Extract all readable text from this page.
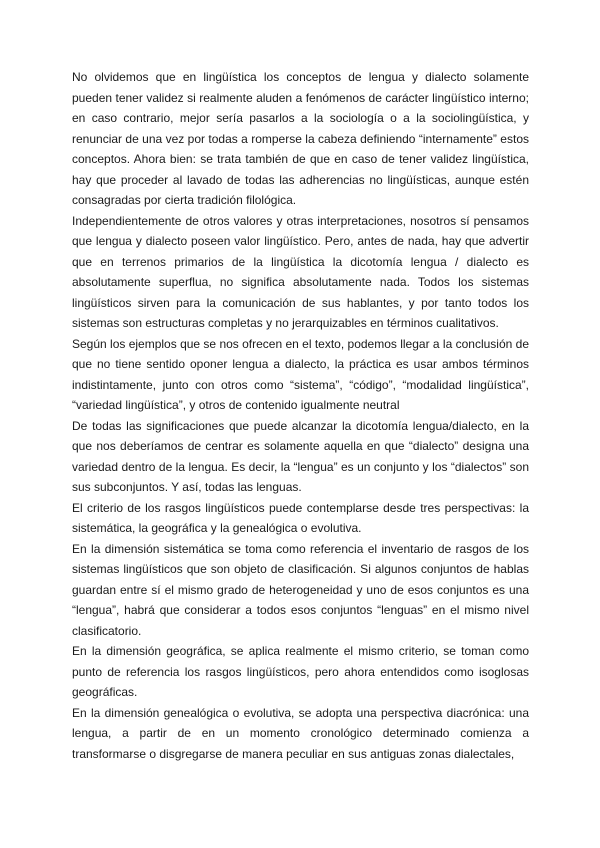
No olvidemos que en lingüística los conceptos de lengua y dialecto solamente pueden tener validez si realmente aluden a fenómenos de carácter lingüístico interno; en caso contrario, mejor sería pasarlos a la sociología o a la sociolingüística, y renunciar de una vez por todas a romperse la cabeza definiendo “internamente” estos conceptos. Ahora bien: se trata también de que en caso de tener validez lingüística, hay que proceder al lavado de todas las adherencias no lingüísticas, aunque estén consagradas por cierta tradición filológica.

Independientemente de otros valores y otras interpretaciones, nosotros sí pensamos que lengua y dialecto poseen valor lingüístico. Pero, antes de nada, hay que advertir que en terrenos primarios de la lingüística la dicotomía lengua / dialecto es absolutamente superflua, no significa absolutamente nada. Todos los sistemas lingüísticos sirven para la comunicación de sus hablantes, y por tanto todos los sistemas son estructuras completas y no jerarquizables en términos cualitativos.

Según los ejemplos que se nos ofrecen en el texto, podemos llegar a la conclusión de que no tiene sentido oponer lengua a dialecto, la práctica es usar ambos términos indistintamente, junto con otros como “sistema”, “código”, “modalidad lingüística”, “variedad lingüística”, y otros de contenido igualmente neutral

De todas las significaciones que puede alcanzar la dicotomía lengua/dialecto, en la que nos deberíamos de centrar es solamente aquella en que “dialecto” designa una variedad dentro de la lengua. Es decir, la “lengua” es un conjunto y los “dialectos” son sus subconjuntos. Y así, todas las lenguas.

El criterio de los rasgos lingüísticos puede contemplarse desde tres perspectivas: la sistemática, la geográfica y la genealógica o evolutiva.

En la dimensión sistemática se toma como referencia el inventario de rasgos de los sistemas lingüísticos que son objeto de clasificación. Si algunos conjuntos de hablas guardan entre sí el mismo grado de heterogeneidad y uno de esos conjuntos es una “lengua”, habrá que considerar a todos esos conjuntos “lenguas” en el mismo nivel clasificatorio.

En la dimensión geográfica, se aplica realmente el mismo criterio, se toman como punto de referencia los rasgos lingüísticos, pero ahora entendidos como isoglosas geográficas.

En la dimensión genealógica o evolutiva, se adopta una perspectiva diacrónica: una lengua, a partir de en un momento cronológico determinado comienza a transformarse o disgregarse de manera peculiar en sus antiguas zonas dialectales,
